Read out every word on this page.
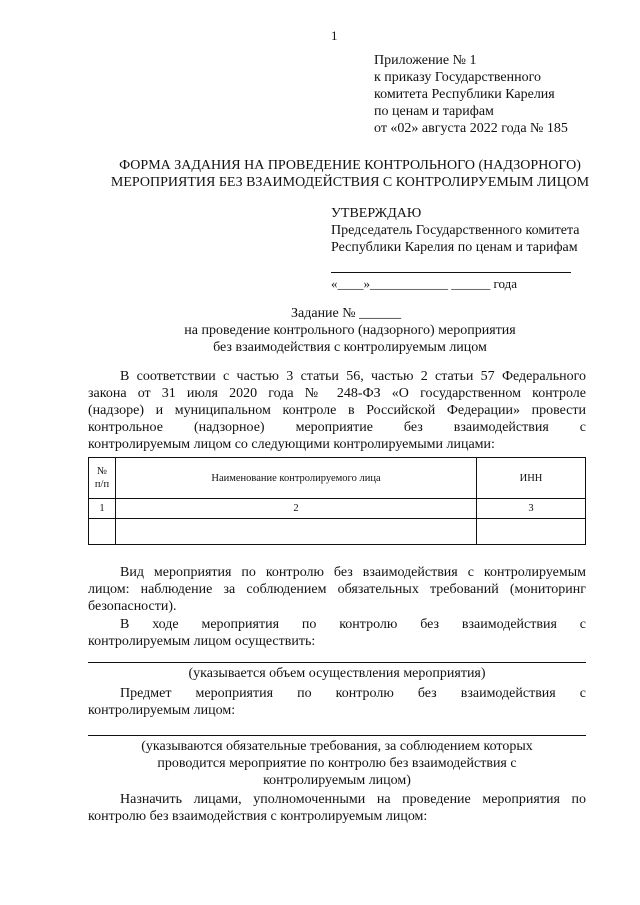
1
Приложение № 1
к приказу Государственного
комитета Республики Карелия
по ценам и тарифам
от «02» августа 2022 года № 185
ФОРМА ЗАДАНИЯ НА ПРОВЕДЕНИЕ КОНТРОЛЬНОГО (НАДЗОРНОГО)
МЕРОПРИЯТИЯ БЕЗ ВЗАИМОДЕЙСТВИЯ С КОНТРОЛИРУЕМЫМ ЛИЦОМ
УТВЕРЖДАЮ
Председатель Государственного комитета
Республики Карелия по ценам и тарифам
«____»____________ ______ года
Задание № ______
на проведение контрольного (надзорного) мероприятия
без взаимодействия с контролируемым лицом
В соответствии с частью 3 статьи 56, частью 2 статьи 57 Федерального
закона от 31 июля 2020 года № 248-ФЗ «О государственном контроле
(надзоре) и муниципальном контроле в Российской Федерации» провести
контрольное (надзорное) мероприятие без взаимодействия с
контролируемым лицом со следующими контролируемыми лицами:
№
п/п	Наименование контролируемого лица	ИНН
1	2	3

Вид мероприятия по контролю без взаимодействия с контролируемым
лицом: наблюдение за соблюдением обязательных требований (мониторинг
безопасности).
В ходе мероприятия по контролю без взаимодействия с
контролируемым лицом осуществить:
(указывается объем осуществления мероприятия)
Предмет мероприятия по контролю без взаимодействия с
контролируемым лицом:
(указываются обязательные требования, за соблюдением которых
проводится мероприятие по контролю без взаимодействия с
контролируемым лицом)
Назначить лицами, уполномоченными на проведение мероприятия по
контролю без взаимодействия с контролируемым лицом:
